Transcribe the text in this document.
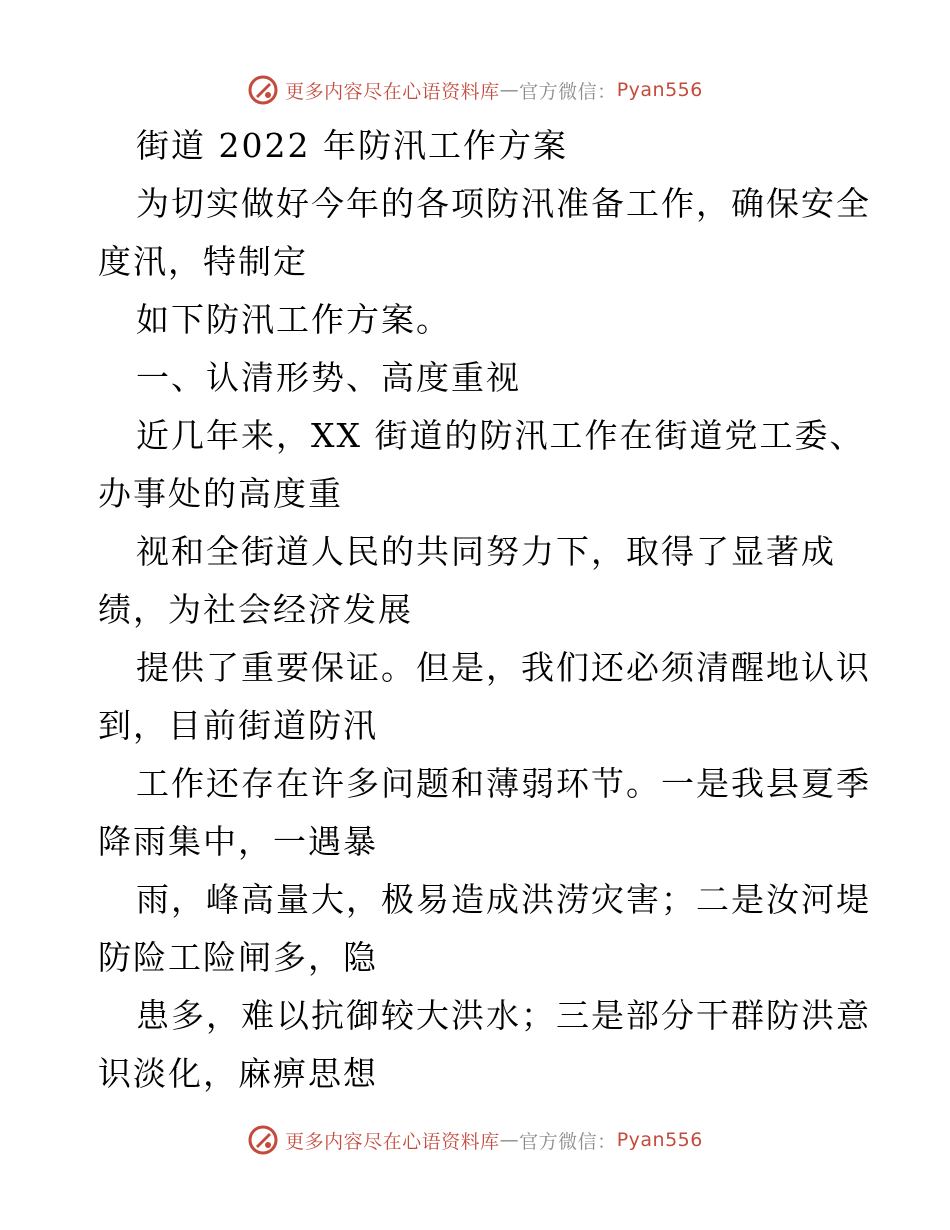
更多内容尽在心语资料库 — 官方微信： Pyan556
街道 2022 年防汛工作方案
为切实做好今年的各项防汛准备工作，确保安全
度汛，特制定
如下防汛工作方案。
一、认清形势、高度重视
近几年来，XX 街道的防汛工作在街道党工委、
办事处的高度重
视和全街道人民的共同努力下，取得了显著成
绩，为社会经济发展
提供了重要保证。但是，我们还必须清醒地认识
到，目前街道防汛
工作还存在许多问题和薄弱环节。一是我县夏季
降雨集中，一遇暴
雨，峰高量大，极易造成洪涝灾害；二是汝河堤
防险工险闸多，隐
患多，难以抗御较大洪水；三是部分干群防洪意
识淡化，麻痹思想
更多内容尽在心语资料库 — 官方微信： Pyan556
